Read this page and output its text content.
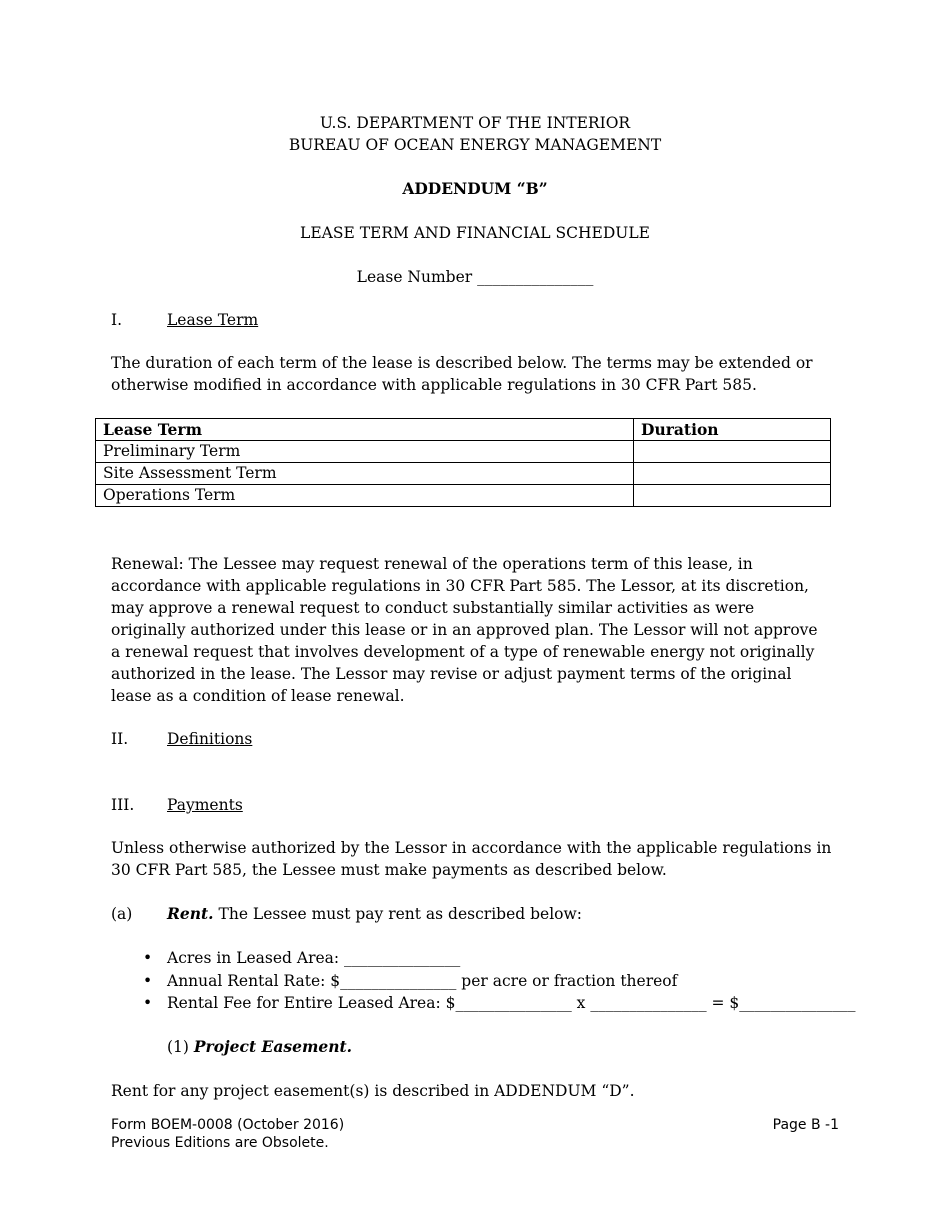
U.S. DEPARTMENT OF THE INTERIOR
BUREAU OF OCEAN ENERGY MANAGEMENT
ADDENDUM “B”
LEASE TERM AND FINANCIAL SCHEDULE
Lease Number _______________
I.	Lease Term
The duration of each term of the lease is described below. The terms may be extended or
otherwise modified in accordance with applicable regulations in 30 CFR Part 585.
Lease Term	Duration
Preliminary Term	
Site Assessment Term	
Operations Term	
Renewal: The Lessee may request renewal of the operations term of this lease, in
accordance with applicable regulations in 30 CFR Part 585. The Lessor, at its discretion,
may approve a renewal request to conduct substantially similar activities as were
originally authorized under this lease or in an approved plan. The Lessor will not approve
a renewal request that involves development of a type of renewable energy not originally
authorized in the lease. The Lessor may revise or adjust payment terms of the original
lease as a condition of lease renewal.
II.	Definitions
III. Payments
Unless otherwise authorized by the Lessor in accordance with the applicable regulations in
30 CFR Part 585, the Lessee must make payments as described below.
(a) Rent. The Lessee must pay rent as described below:
• Acres in Leased Area: _______________
• Annual Rental Rate: $_______________ per acre or fraction thereof
• Rental Fee for Entire Leased Area: $_______________ x _______________ = $_______________
(1) Project Easement.
Rent for any project easement(s) is described in ADDENDUM “D”.
Form BOEM-0008 (October 2016)
Previous Editions are Obsolete.
Page B -1
